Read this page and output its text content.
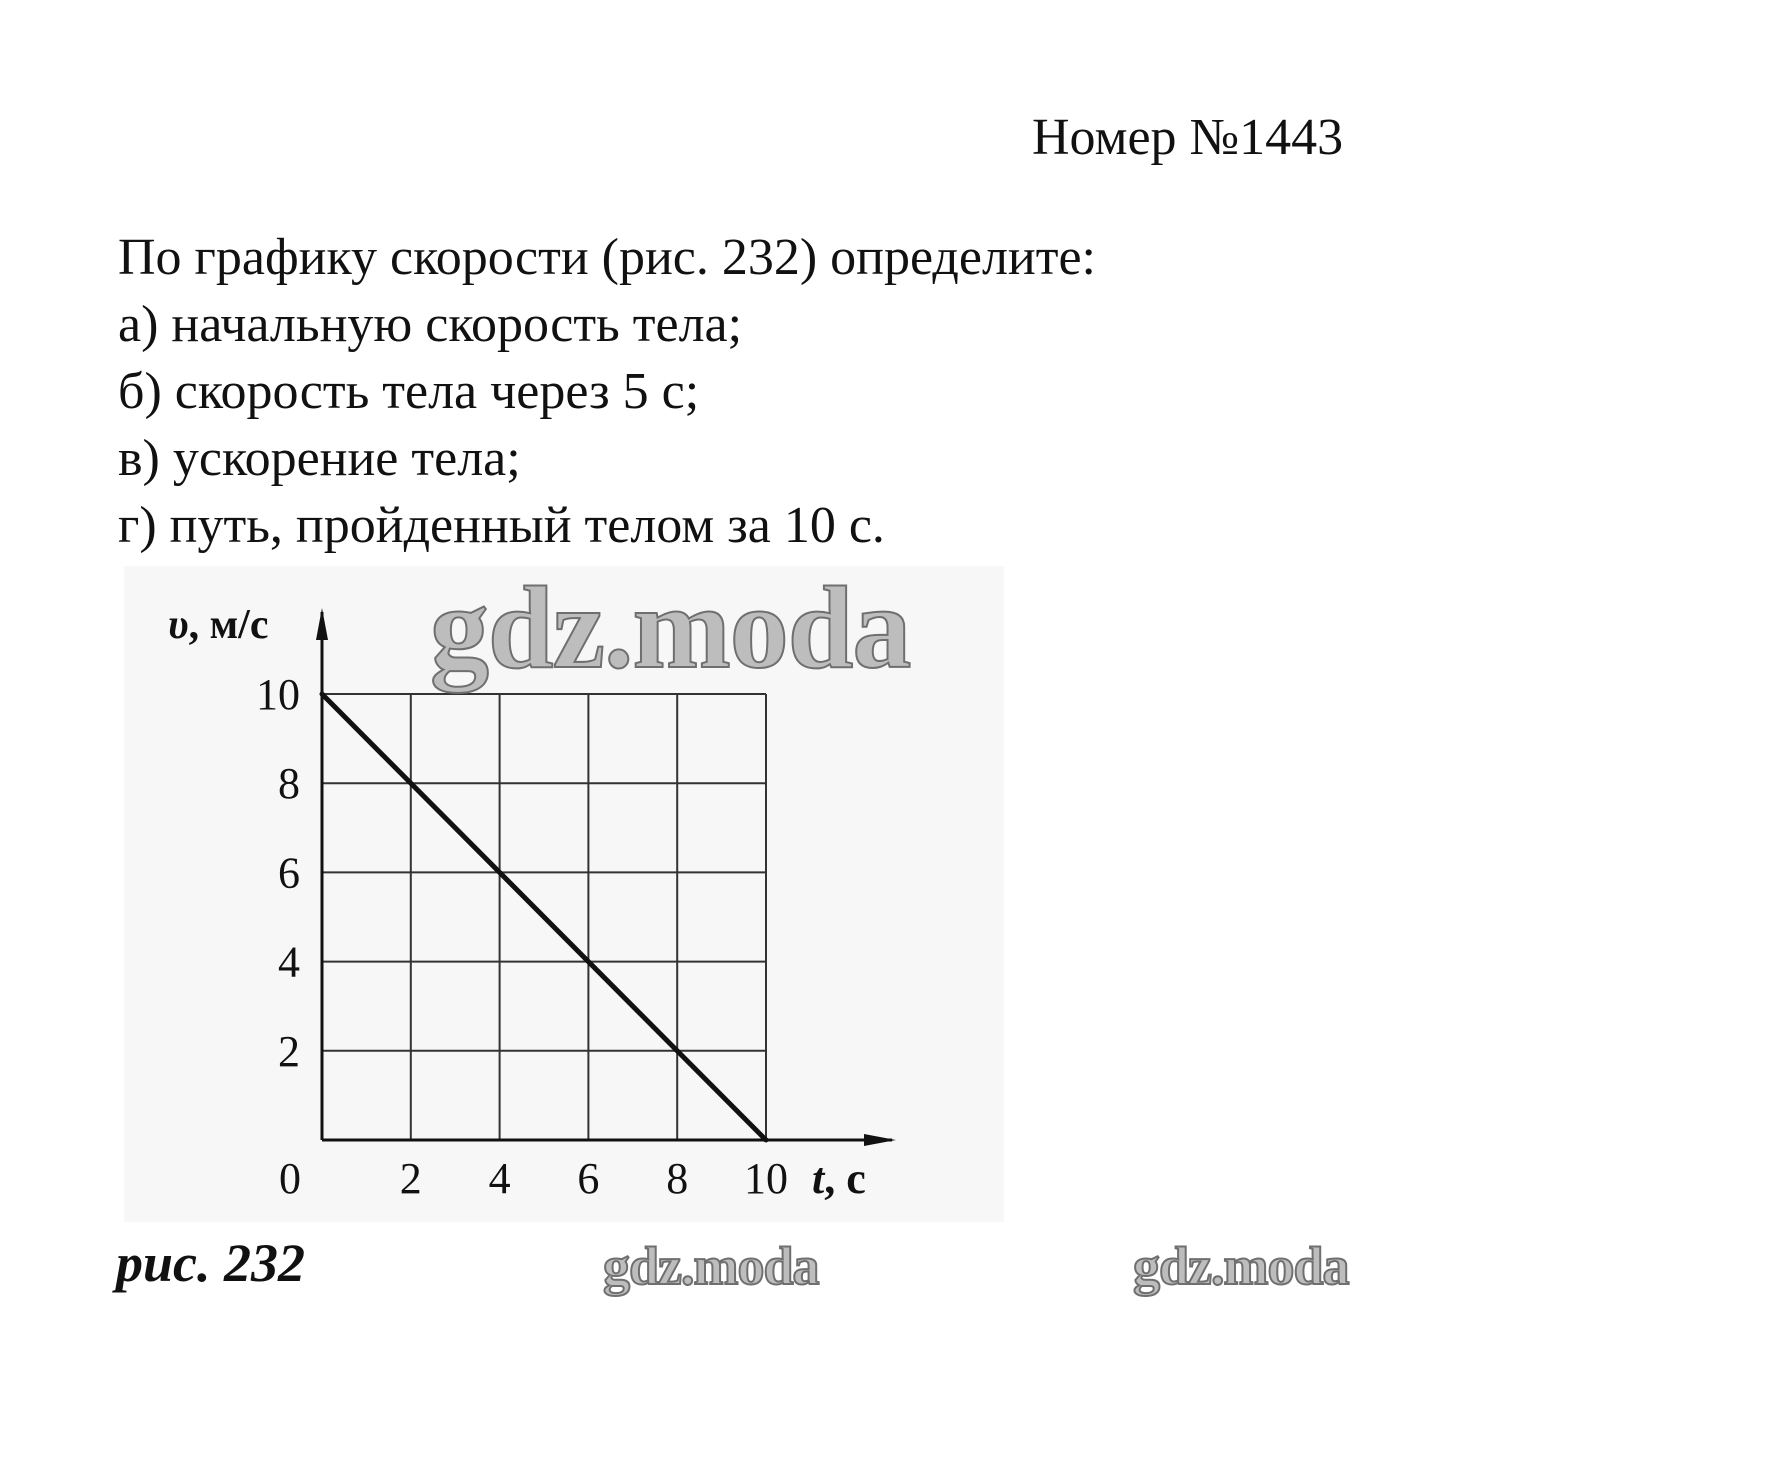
Номер №1443
По графику скорости (рис. 232) определите:
а) начальную скорость тела;
б) скорость тела через 5 с;
в) ускорение тела;
г) путь, пройденный телом за 10 с.
0 2 4 6 8 10
2
4
6
8
10
t, с
υ, м/с gdz.moda
gdz.moda	gdz.moda
рис. 232
